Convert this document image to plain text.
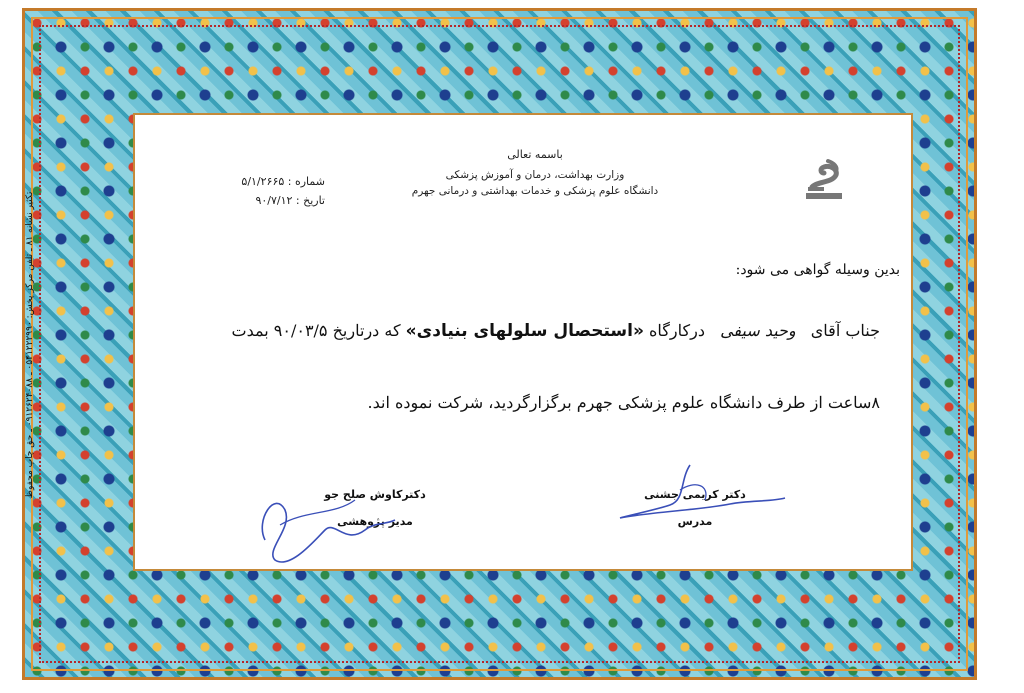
تکثیر نشانه ۸۱ ـ تلفن مرکز پخش: ۰۵۴۱۲۲۲۹۹۰ ـ ۰۹۱۲۶۲۴۰۸۸ ـ حق چاپ محفوظ
باسمه تعالی
وزارت بهداشت، درمان و آموزش پزشکی
دانشگاه علوم پزشکی و خدمات بهداشتی و درمانی جهرم
شماره : ۵/۱/۲۶۶۵
تاریخ : ۹۰/۷/۱۲
بدین وسیله گواهی می شود:
جناب آقای وحید سیفی درکارگاه «استحصال سلولهای بنیادی» که درتاریخ ۹۰/۰۳/۵ بمدت
۸ساعت از طرف دانشگاه علوم پزشکی جهرم برگزارگردید، شرکت نموده اند.
دکترکاوش صلح جو
مدیر پژوهشی
دکتر کریمی جشنی
مدرس
